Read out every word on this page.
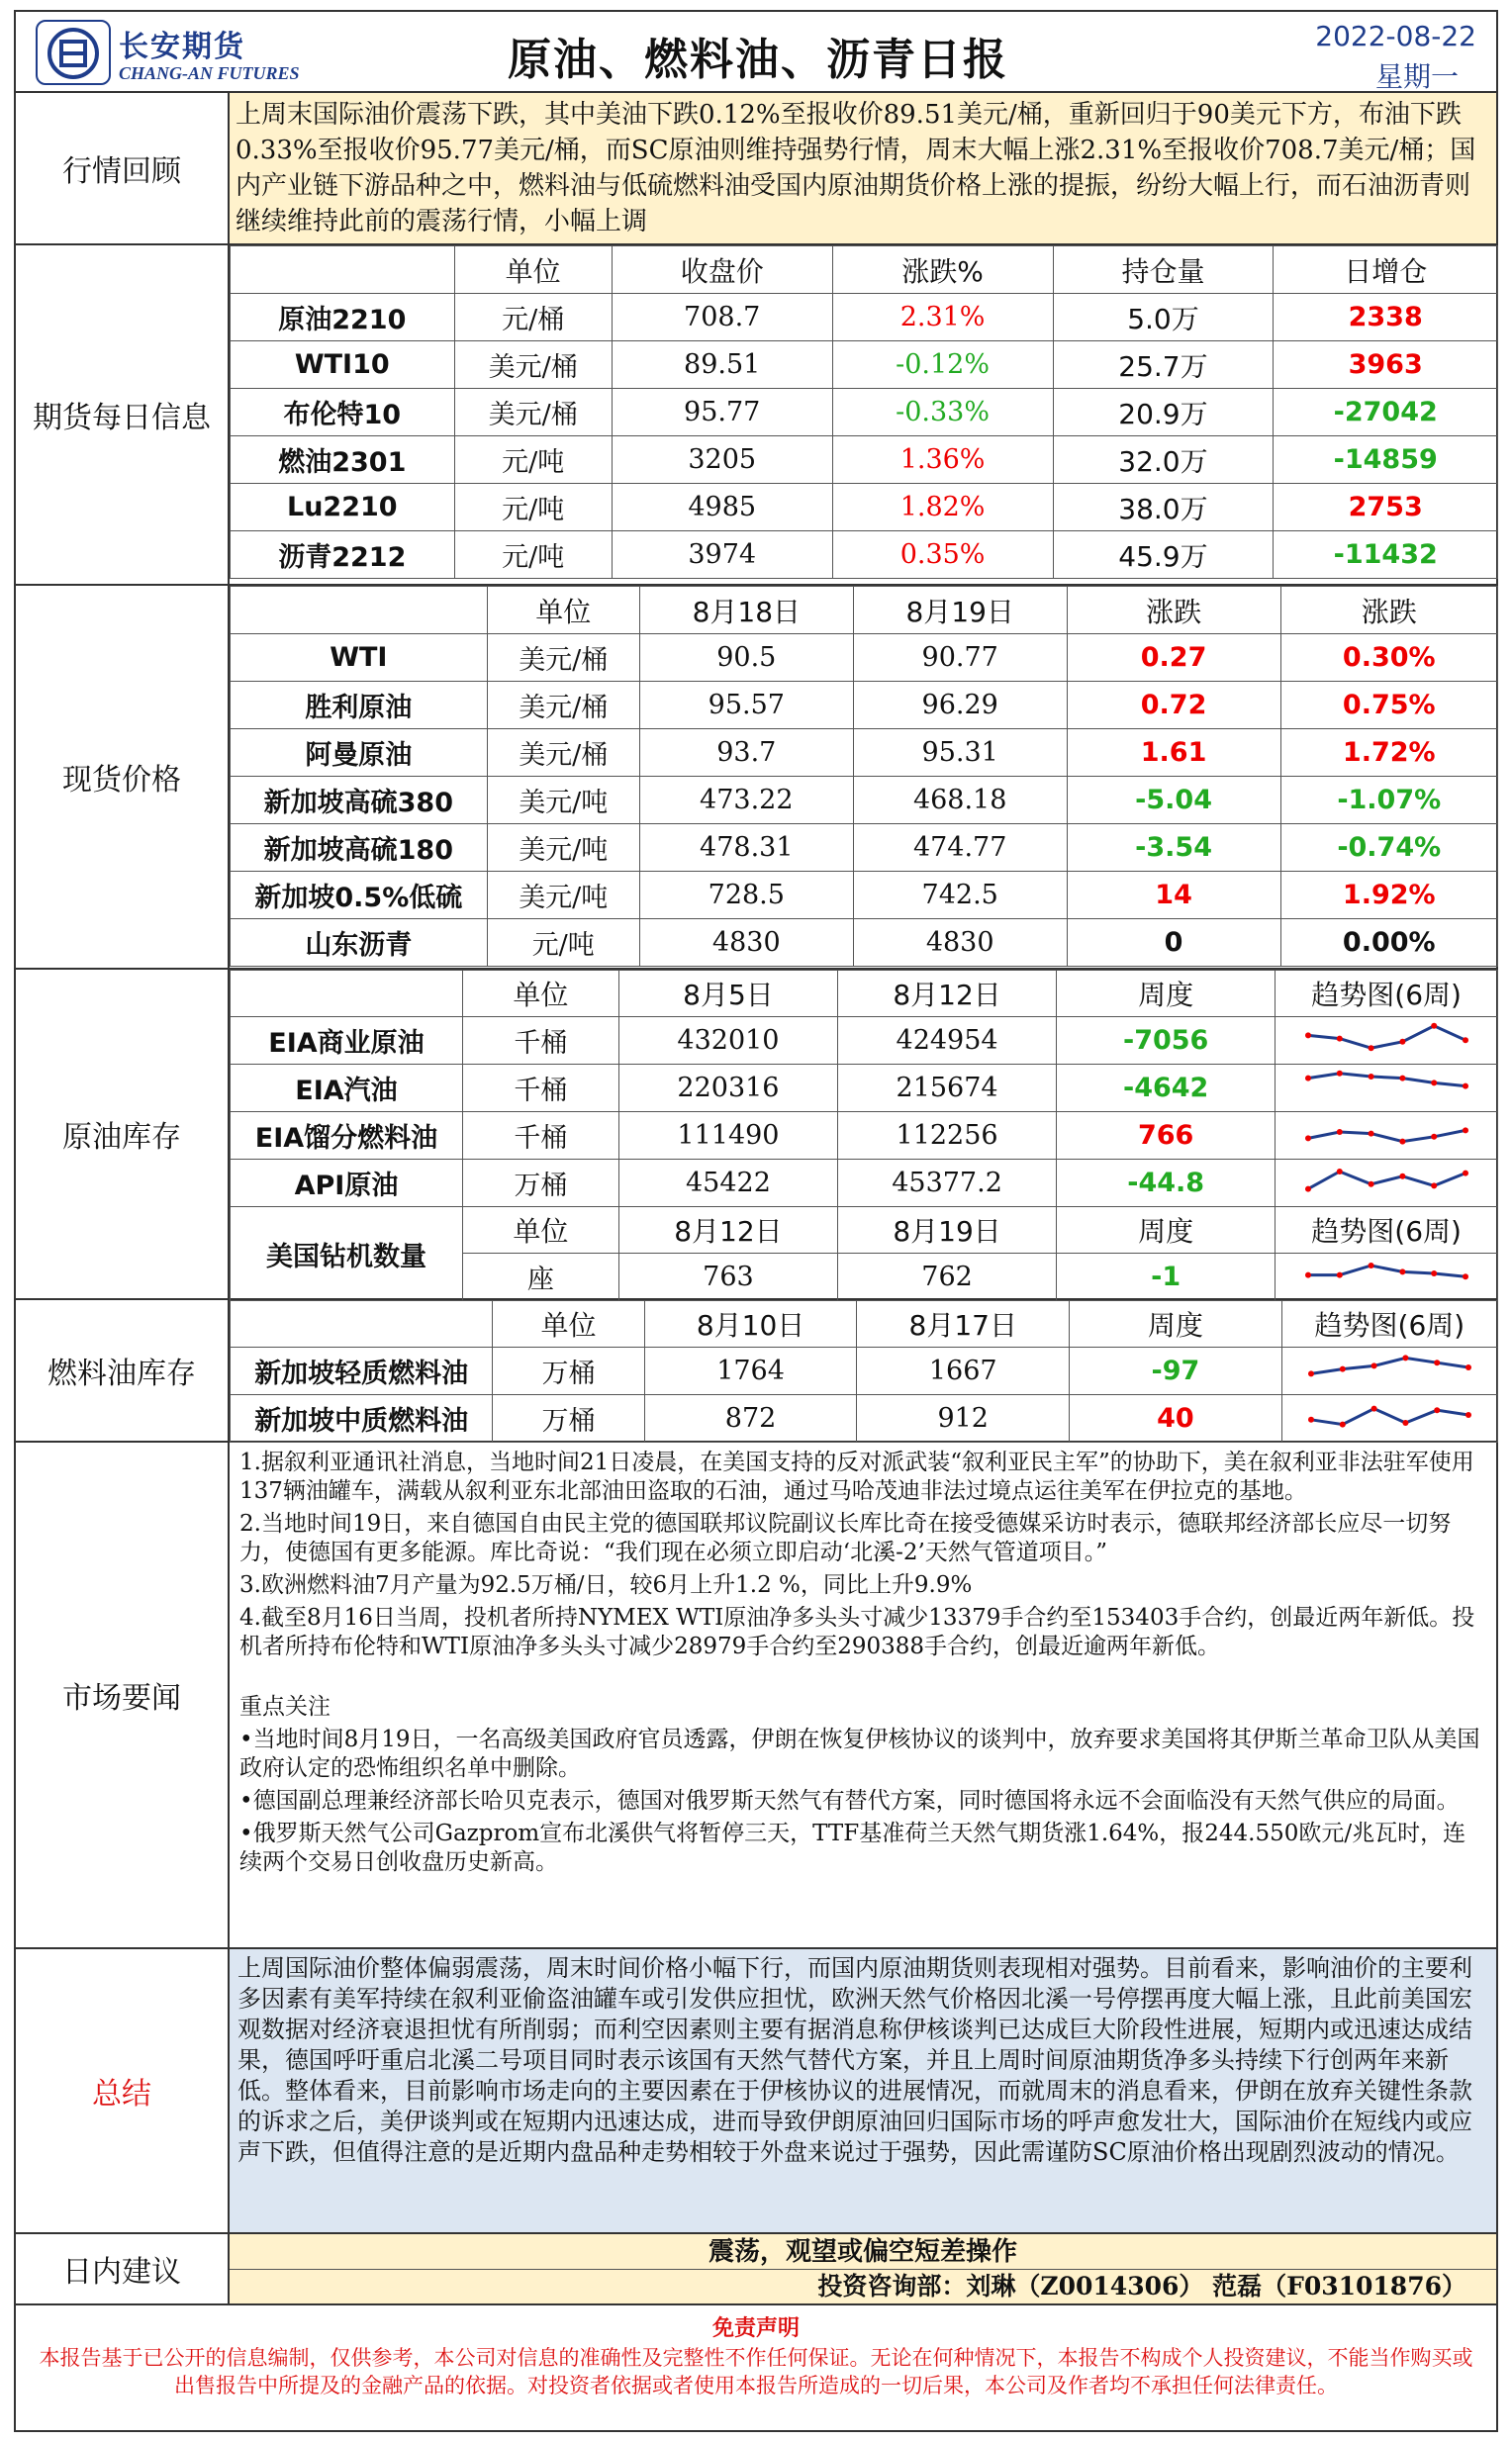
长安期货
CHANG-AN FUTURES	原油、燃料油、沥青日报	2022-08-22
星期一
行情回顾
上周末国际油价震荡下跌，其中美油下跌0.12%至报收价89.51美元/桶，重新回归于90美元下方，布油下跌0.33%至报收价95.77美元/桶，而SC原油则维持强势行情，周末大幅上涨2.31%至报收价708.7美元/桶；国内产业链下游品种之中，燃料油与低硫燃料油受国内原油期货价格上涨的提振，纷纷大幅上行，而石油沥青则继续维持此前的震荡行情，小幅上调
期货每日信息
	单位	收盘价	涨跌%	持仓量	日增仓
原油2210	元/桶	708.7	2.31%	5.0万	2338
WTI10	美元/桶	89.51	-0.12%	25.7万	3963
布伦特10	美元/桶	95.77	-0.33%	20.9万	-27042
燃油2301	元/吨	3205	1.36%	32.0万	-14859
Lu2210	元/吨	4985	1.82%	38.0万	2753
沥青2212	元/吨	3974	0.35%	45.9万	-11432
现货价格
	单位	8月18日	8月19日	涨跌	涨跌
WTI	美元/桶	90.5	90.77	0.27	0.30%
胜利原油	美元/桶	95.57	96.29	0.72	0.75%
阿曼原油	美元/桶	93.7	95.31	1.61	1.72%
新加坡高硫380	美元/吨	473.22	468.18	-5.04	-1.07%
新加坡高硫180	美元/吨	478.31	474.77	-3.54	-0.74%
新加坡0.5%低硫	美元/吨	728.5	742.5	14	1.92%
山东沥青	元/吨	4830	4830	0	0.00%
原油库存
	单位	8月5日	8月12日	周度	趋势图(6周)
EIA商业原油	千桶	432010	424954	-7056	
EIA汽油	千桶	220316	215674	-4642	
EIA馏分燃料油	千桶	111490	112256	766	
API原油	万桶	45422	45377.2	-44.8	
美国钻机数量	单位	8月12日	8月19日	周度	趋势图(6周)
	座	763	762	-1	
燃料油库存
	单位	8月10日	8月17日	周度	趋势图(6周)
新加坡轻质燃料油	万桶	1764	1667	-97	
新加坡中质燃料油	万桶	872	912	40	
市场要闻
1.据叙利亚通讯社消息，当地时间21日凌晨，在美国支持的反对派武装“叙利亚民主军”的协助下，美在叙利亚非法驻军使用137辆油罐车，满载从叙利亚东北部油田盗取的石油，通过马哈茂迪非法过境点运往美军在伊拉克的基地。
2.当地时间19日，来自德国自由民主党的德国联邦议院副议长库比奇在接受德媒采访时表示，德联邦经济部长应尽一切努力，使德国有更多能源。库比奇说：“我们现在必须立即启动‘北溪-2’天然气管道项目。”
3.欧洲燃料油7月产量为92.5万桶/日，较6月上升1.2 %，同比上升9.9%
4.截至8月16日当周，投机者所持NYMEX WTI原油净多头头寸减少13379手合约至153403手合约，创最近两年新低。投机者所持布伦特和WTI原油净多头头寸减少28979手合约至290388手合约，创最近逾两年新低。
重点关注
•当地时间8月19日，一名高级美国政府官员透露，伊朗在恢复伊核协议的谈判中，放弃要求美国将其伊斯兰革命卫队从美国政府认定的恐怖组织名单中删除。
•德国副总理兼经济部长哈贝克表示，德国对俄罗斯天然气有替代方案，同时德国将永远不会面临没有天然气供应的局面。
•俄罗斯天然气公司Gazprom宣布北溪供气将暂停三天，TTF基准荷兰天然气期货涨1.64%，报244.550欧元/兆瓦时，连续两个交易日创收盘历史新高。
总结
上周国际油价整体偏弱震荡，周末时间价格小幅下行，而国内原油期货则表现相对强势。目前看来，影响油价的主要利多因素有美军持续在叙利亚偷盗油罐车或引发供应担忧，欧洲天然气价格因北溪一号停摆再度大幅上涨，且此前美国宏观数据对经济衰退担忧有所削弱；而利空因素则主要有据消息称伊核谈判已达成巨大阶段性进展，短期内或迅速达成结果，德国呼吁重启北溪二号项目同时表示该国有天然气替代方案，并且上周时间原油期货净多头持续下行创两年来新低。整体看来，目前影响市场走向的主要因素在于伊核协议的进展情况，而就周末的消息看来，伊朗在放弃关键性条款的诉求之后，美伊谈判或在短期内迅速达成，进而导致伊朗原油回归国际市场的呼声愈发壮大，国际油价在短线内或应声下跌，但值得注意的是近期内盘品种走势相较于外盘来说过于强势，因此需谨防SC原油价格出现剧烈波动的情况。
日内建议
震荡，观望或偏空短差操作
投资咨询部：刘琳（Z0014306） 范磊（F03101876）
免责声明
本报告基于已公开的信息编制，仅供参考，本公司对信息的准确性及完整性不作任何保证。无论在何种情况下，本报告不构成个人投资建议，不能当作购买或出售报告中所提及的金融产品的依据。对投资者依据或者使用本报告所造成的一切后果，本公司及作者均不承担任何法律责任。
